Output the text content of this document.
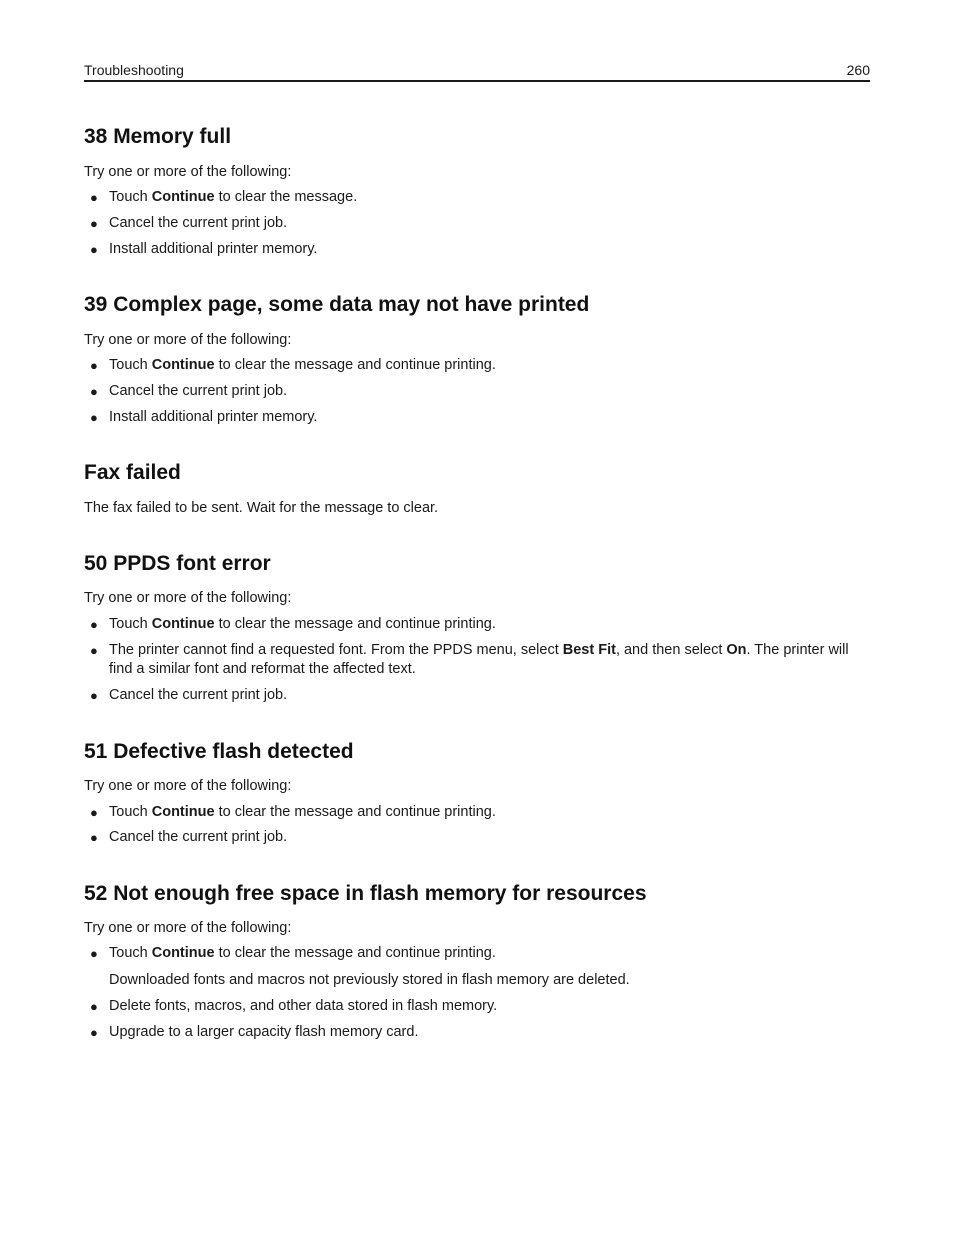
Troubleshooting	260
38 Memory full

Try one or more of the following:

● Touch Continue to clear the message.
● Cancel the current print job.
● Install additional printer memory.
39 Complex page, some data may not have printed

Try one or more of the following:

● Touch Continue to clear the message and continue printing.
● Cancel the current print job.
● Install additional printer memory.
Fax failed

The fax failed to be sent. Wait for the message to clear.

50 PPDS font error

Try one or more of the following:

● Touch Continue to clear the message and continue printing.
● The printer cannot find a requested font. From the PPDS menu, select Best Fit, and then select On. The printer will find a similar font and reformat the affected text.
● Cancel the current print job.
51 Defective flash detected

Try one or more of the following:

● Touch Continue to clear the message and continue printing.
● Cancel the current print job.
52 Not enough free space in flash memory for resources

Try one or more of the following:

● Touch Continue to clear the message and continue printing.
Downloaded fonts and macros not previously stored in flash memory are deleted.
● Delete fonts, macros, and other data stored in flash memory.
● Upgrade to a larger capacity flash memory card.
